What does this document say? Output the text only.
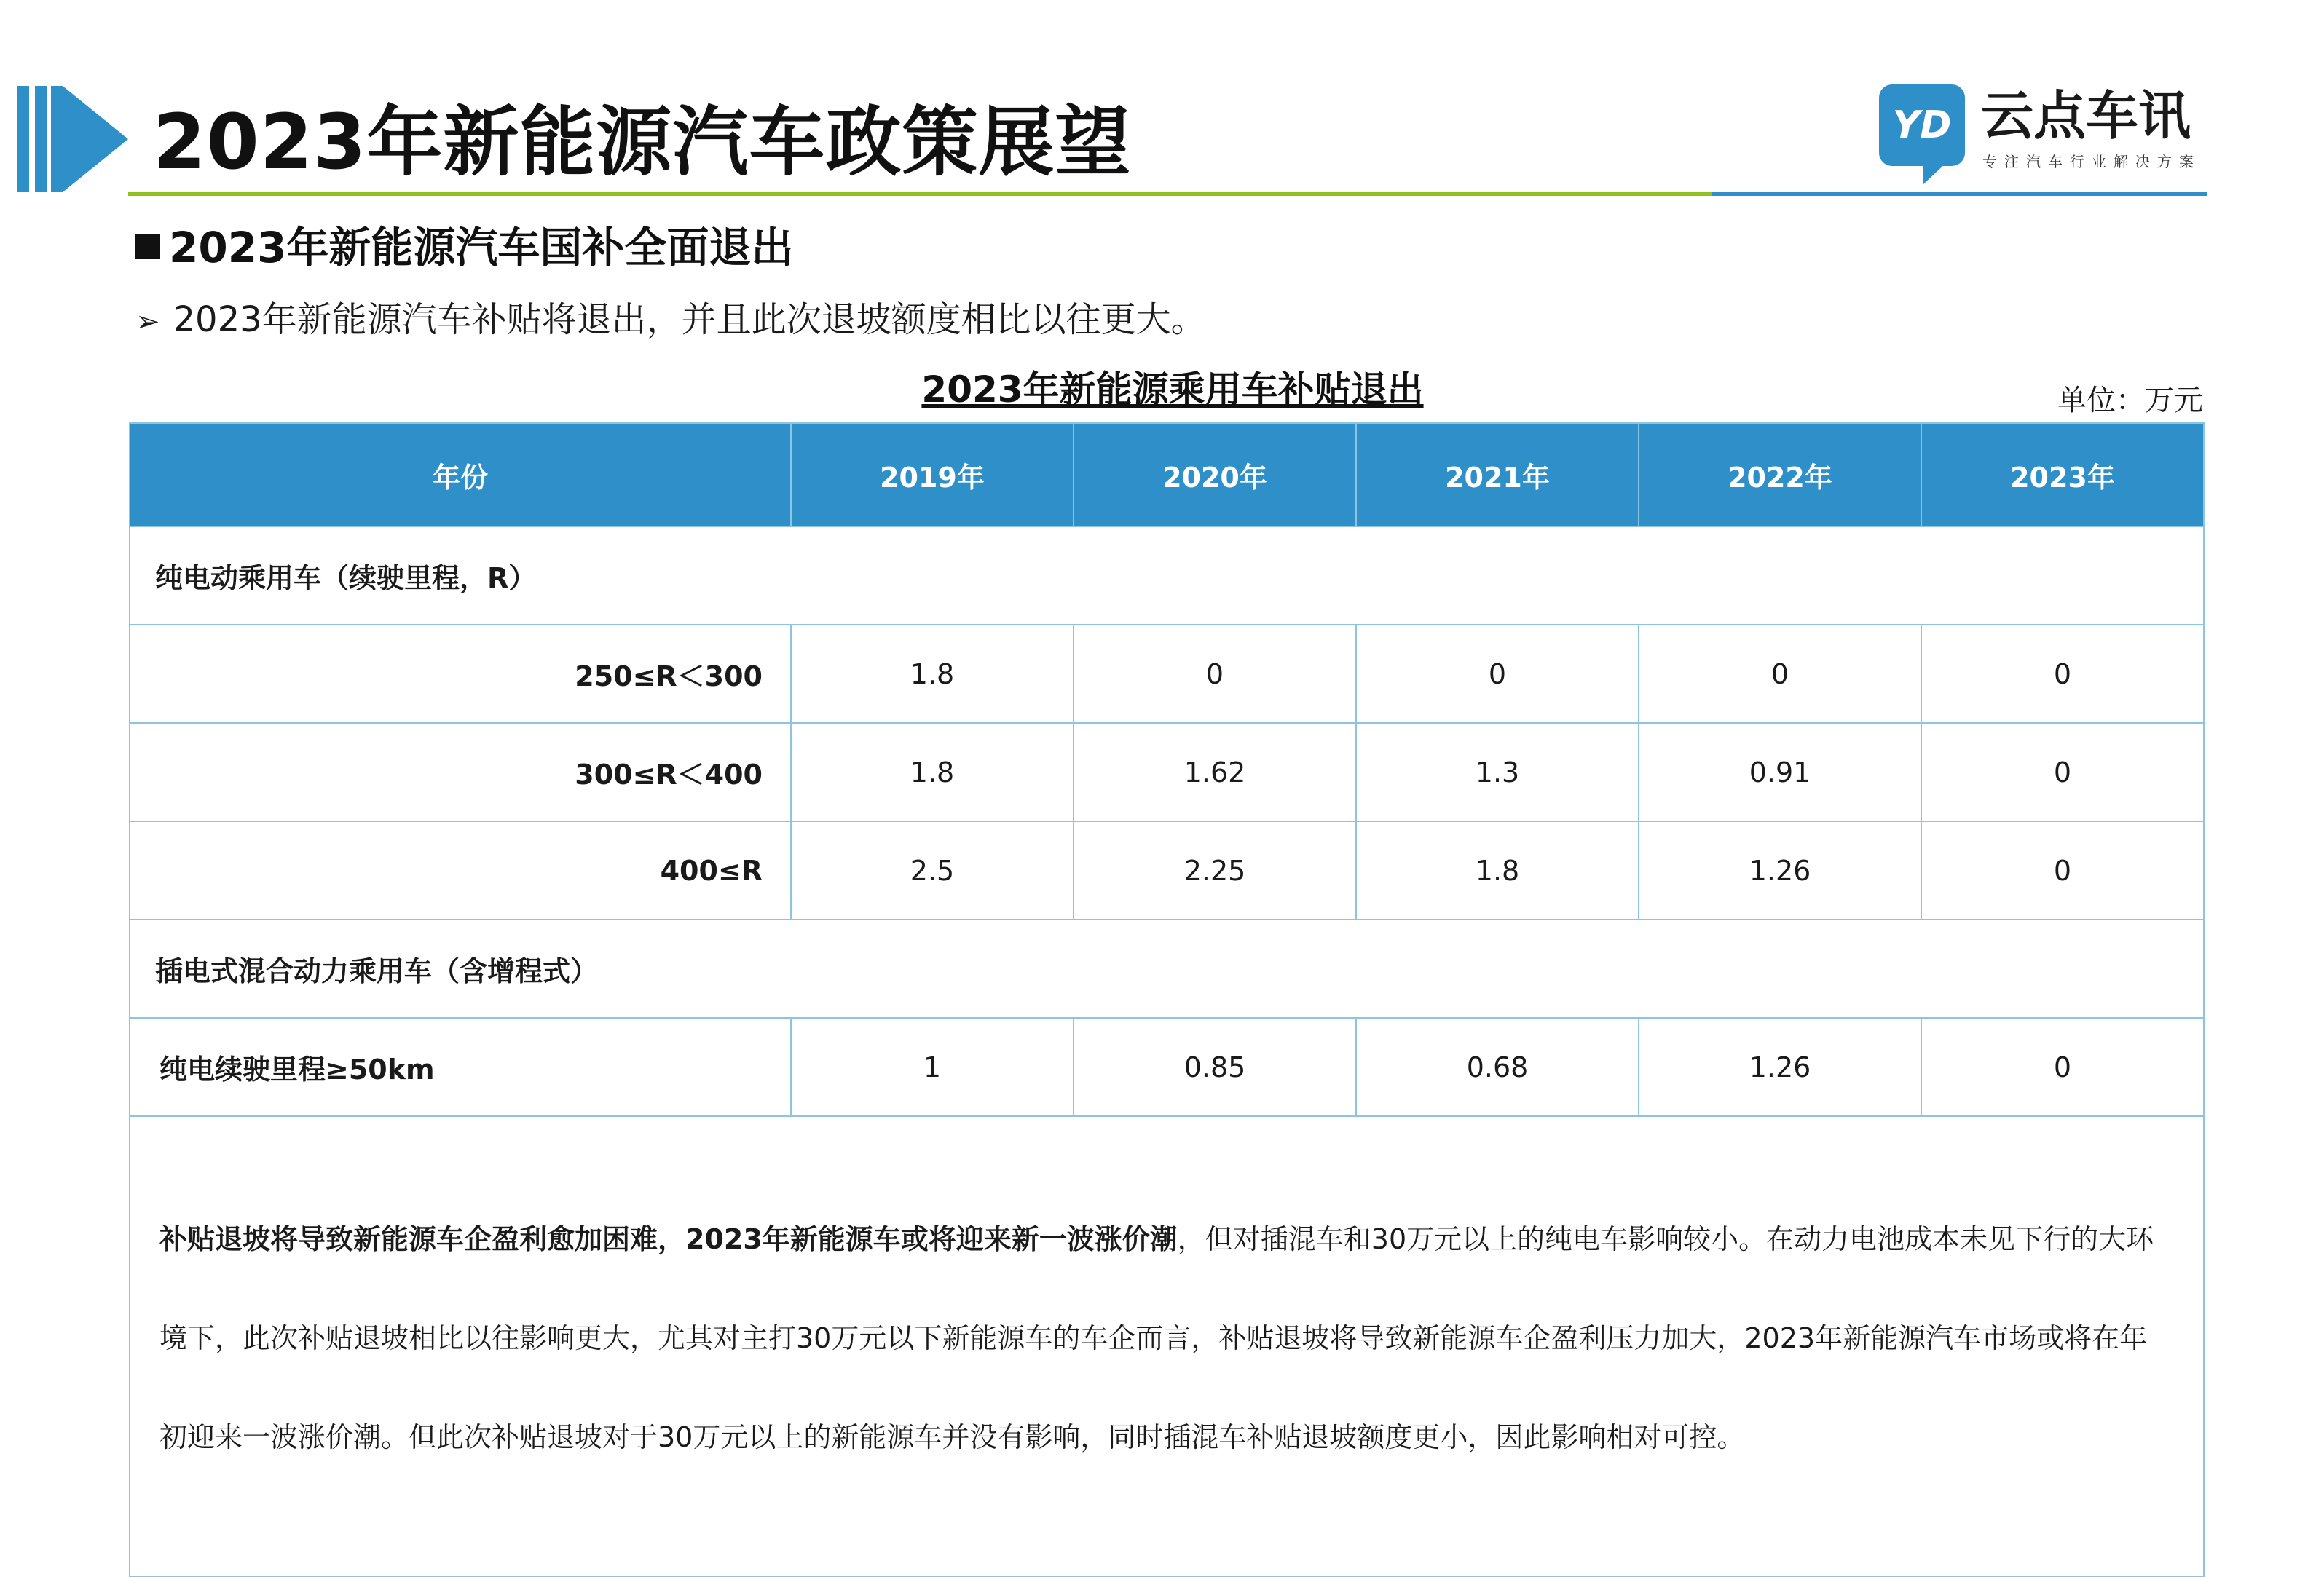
2023年新能源汽车政策展望	YD 云点车讯
专注汽车行业解决方案
2023年新能源汽车国补全面退出
➢ 2023年新能源汽车补贴将退出，并且此次退坡额度相比以往更大。
2023年新能源乘用车补贴退出	单位：万元
年份	2019年	2020年	2021年	2022年	2023年
纯电动乘用车（续驶里程，R）					
250≤R＜300	1.8	0	0	0	0
300≤R＜400	1.8	1.62	1.3	0.91	0
400≤R	2.5	2.25	1.8	1.26	0
插电式混合动力乘用车（含增程式）					
纯电续驶里程≥50km	1	0.85	0.68	1.26	0

补贴退坡将导致新能源车企盈利愈加困难，2023年新能源车或将迎来新一波涨价潮，但对插混车和30万元以上的纯电车影响较小。在动力电池成本未见下行的大环境下，此次补贴退坡相比以往影响更大，尤其对主打30万元以下新能源车的车企而言，补贴退坡将导致新能源车企盈利压力加大，2023年新能源汽车市场或将在年初迎来一波涨价潮。但此次补贴退坡对于30万元以上的新能源车并没有影响，同时插混车补贴退坡额度更小，因此影响相对可控。					
